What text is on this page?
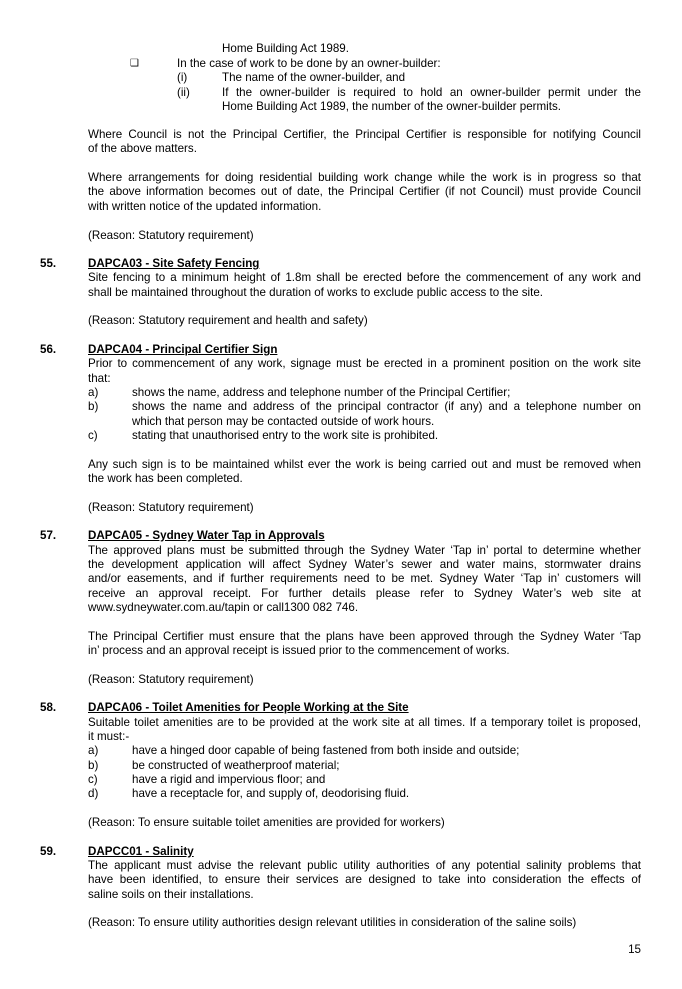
Home Building Act 1989.
❑	In the case of work to be done by an owner-builder:
(i)	The name of the owner-builder, and
(ii)	If the owner-builder is required to hold an owner-builder permit under the
Home Building Act 1989, the number of the owner-builder permits.
Where Council is not the Principal Certifier, the Principal Certifier is responsible for notifying Council
of the above matters.
Where arrangements for doing residential building work change while the work is in progress so that
the above information becomes out of date, the Principal Certifier (if not Council) must provide Council
with written notice of the updated information.
(Reason: Statutory requirement)
55.	DAPCA03 - Site Safety Fencing
Site fencing to a minimum height of 1.8m shall be erected before the commencement of any work and
shall be maintained throughout the duration of works to exclude public access to the site.
(Reason: Statutory requirement and health and safety)
56.	DAPCA04 - Principal Certifier Sign
Prior to commencement of any work, signage must be erected in a prominent position on the work site
that:
a)	shows the name, address and telephone number of the Principal Certifier;
b)	shows the name and address of the principal contractor (if any) and a telephone number on
which that person may be contacted outside of work hours.
c)	stating that unauthorised entry to the work site is prohibited.
Any such sign is to be maintained whilst ever the work is being carried out and must be removed when
the work has been completed.
(Reason: Statutory requirement)
57.	DAPCA05 - Sydney Water Tap in Approvals
The approved plans must be submitted through the Sydney Water ‘Tap in’ portal to determine whether
the development application will affect Sydney Water’s sewer and water mains, stormwater drains
and/or easements, and if further requirements need to be met. Sydney Water ‘Tap in’ customers will
receive an approval receipt. For further details please refer to Sydney Water’s web site at
www.sydneywater.com.au/tapin or call1300 082 746.
The Principal Certifier must ensure that the plans have been approved through the Sydney Water ‘Tap
in’ process and an approval receipt is issued prior to the commencement of works.
(Reason: Statutory requirement)
58.	DAPCA06 - Toilet Amenities for People Working at the Site
Suitable toilet amenities are to be provided at the work site at all times. If a temporary toilet is proposed,
it must:-
a)	have a hinged door capable of being fastened from both inside and outside;
b)	be constructed of weatherproof material;
c)	have a rigid and impervious floor; and
d)	have a receptacle for, and supply of, deodorising fluid.
(Reason: To ensure suitable toilet amenities are provided for workers)
59.	DAPCC01 - Salinity
The applicant must advise the relevant public utility authorities of any potential salinity problems that
have been identified, to ensure their services are designed to take into consideration the effects of
saline soils on their installations.
(Reason: To ensure utility authorities design relevant utilities in consideration of the saline soils)
15
